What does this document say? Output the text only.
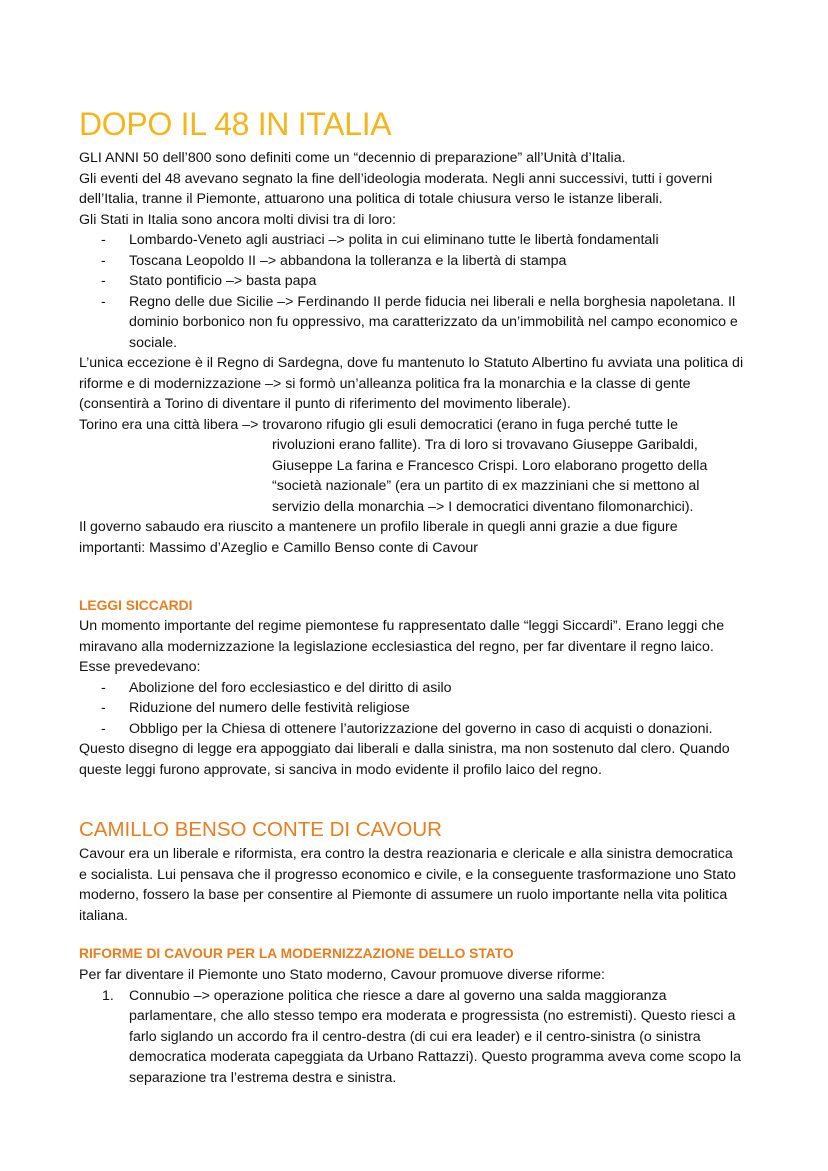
DOPO IL 48 IN ITALIA

GLI ANNI 50 dell’800 sono definiti come un “decennio di preparazione” all’Unità d’Italia.

Gli eventi del 48 avevano segnato la fine dell’ideologia moderata. Negli anni successivi, tutti i governi dell’Italia, tranne il Piemonte, attuarono una politica di totale chiusura verso le istanze liberali.

Gli Stati in Italia sono ancora molti divisi tra di loro:

- Lombardo-Veneto agli austriaci –> polita in cui eliminano tutte le libertà fondamentali
- Toscana Leopoldo II –> abbandona la tolleranza e la libertà di stampa
- Stato pontificio –> basta papa
- Regno delle due Sicilie –> Ferdinando II perde fiducia nei liberali e nella borghesia napoletana. Il dominio borbonico non fu oppressivo, ma caratterizzato da un’immobilità nel campo economico e sociale.

L’unica eccezione è il Regno di Sardegna, dove fu mantenuto lo Statuto Albertino fu avviata una politica di riforme e di modernizzazione –> si formò un’alleanza politica fra la monarchia e la classe di gente (consentirà a Torino di diventare il punto di riferimento del movimento liberale).

Torino era una città libera –> trovarono rifugio gli esuli democratici (erano in fuga perché tutte le rivoluzioni erano fallite). Tra di loro si trovavano Giuseppe Garibaldi, Giuseppe La farina e Francesco Crispi. Loro elaborano progetto della “società nazionale” (era un partito di ex mazziniani che si mettono al servizio della monarchia –> I democratici diventano filomonarchici).

Il governo sabaudo era riuscito a mantenere un profilo liberale in quegli anni grazie a due figure importanti: Massimo d’Azeglio e Camillo Benso conte di Cavour

LEGGI SICCARDI

Un momento importante del regime piemontese fu rappresentato dalle “leggi Siccardi”. Erano leggi che miravano alla modernizzazione la legislazione ecclesiastica del regno, per far diventare il regno laico. Esse prevedevano:

- Abolizione del foro ecclesiastico e del diritto di asilo
- Riduzione del numero delle festività religiose
- Obbligo per la Chiesa di ottenere l’autorizzazione del governo in caso di acquisti o donazioni.

Questo disegno di legge era appoggiato dai liberali e dalla sinistra, ma non sostenuto dal clero. Quando queste leggi furono approvate, si sanciva in modo evidente il profilo laico del regno.

CAMILLO BENSO CONTE DI CAVOUR

Cavour era un liberale e riformista, era contro la destra reazionaria e clericale e alla sinistra democratica e socialista. Lui pensava che il progresso economico e civile, e la conseguente trasformazione uno Stato moderno, fossero la base per consentire al Piemonte di assumere un ruolo importante nella vita politica italiana.

RIFORME DI CAVOUR PER LA MODERNIZZAZIONE DELLO STATO

Per far diventare il Piemonte uno Stato moderno, Cavour promuove diverse riforme:

1. Connubio –> operazione politica che riesce a dare al governo una salda maggioranza parlamentare, che allo stesso tempo era moderata e progressista (no estremisti). Questo riesci a farlo siglando un accordo fra il centro-destra (di cui era leader) e il centro-sinistra (o sinistra democratica moderata capeggiata da Urbano Rattazzi). Questo programma aveva come scopo la separazione tra l’estrema destra e sinistra.
